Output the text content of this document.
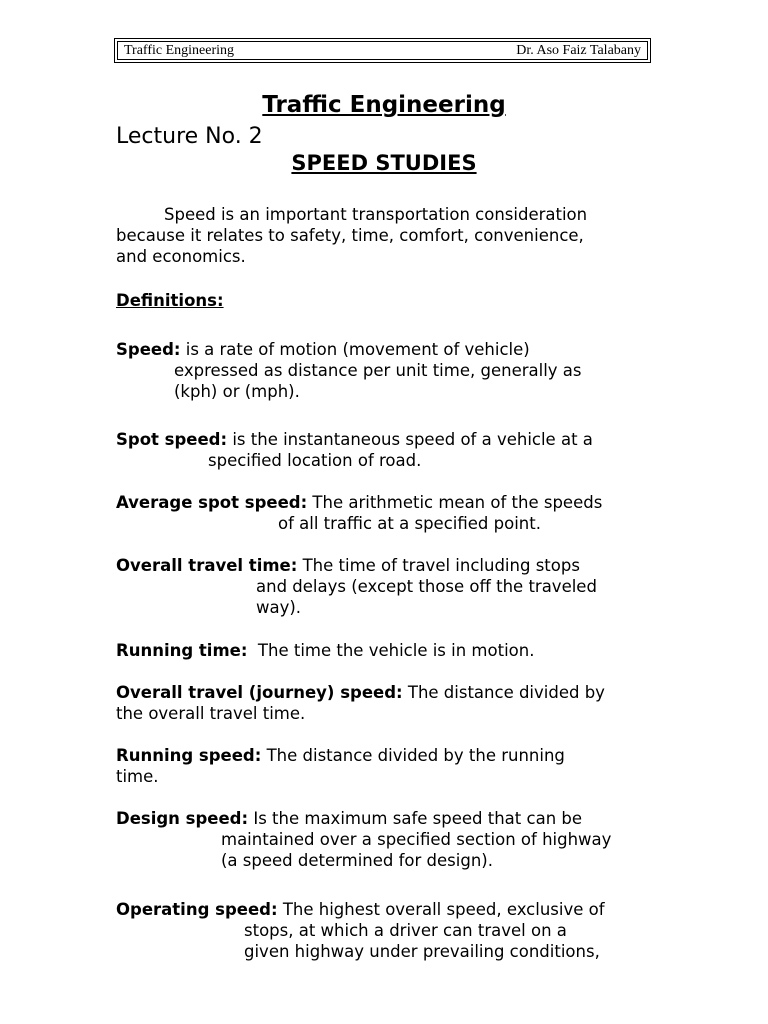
Traffic Engineering	Dr. Aso Faiz Talabany
Traffic Engineering
Lecture No. 2
SPEED STUDIES

Speed is an important transportation consideration
because it relates to safety, time, comfort, convenience,
and economics.

Definitions:

Speed: is a rate of motion (movement of vehicle)
expressed as distance per unit time, generally as
(kph) or (mph).

Spot speed: is the instantaneous speed of a vehicle at a
specified location of road.

Average spot speed: The arithmetic mean of the speeds
of all traffic at a specified point.

Overall travel time: The time of travel including stops
and delays (except those off the traveled
way).

Running time:  The time the vehicle is in motion.

Overall travel (journey) speed: The distance divided by
the overall travel time.

Running speed: The distance divided by the running
time.

Design speed: Is the maximum safe speed that can be
maintained over a specified section of highway
(a speed determined for design).

Operating speed: The highest overall speed, exclusive of
stops, at which a driver can travel on a
given highway under prevailing conditions,
